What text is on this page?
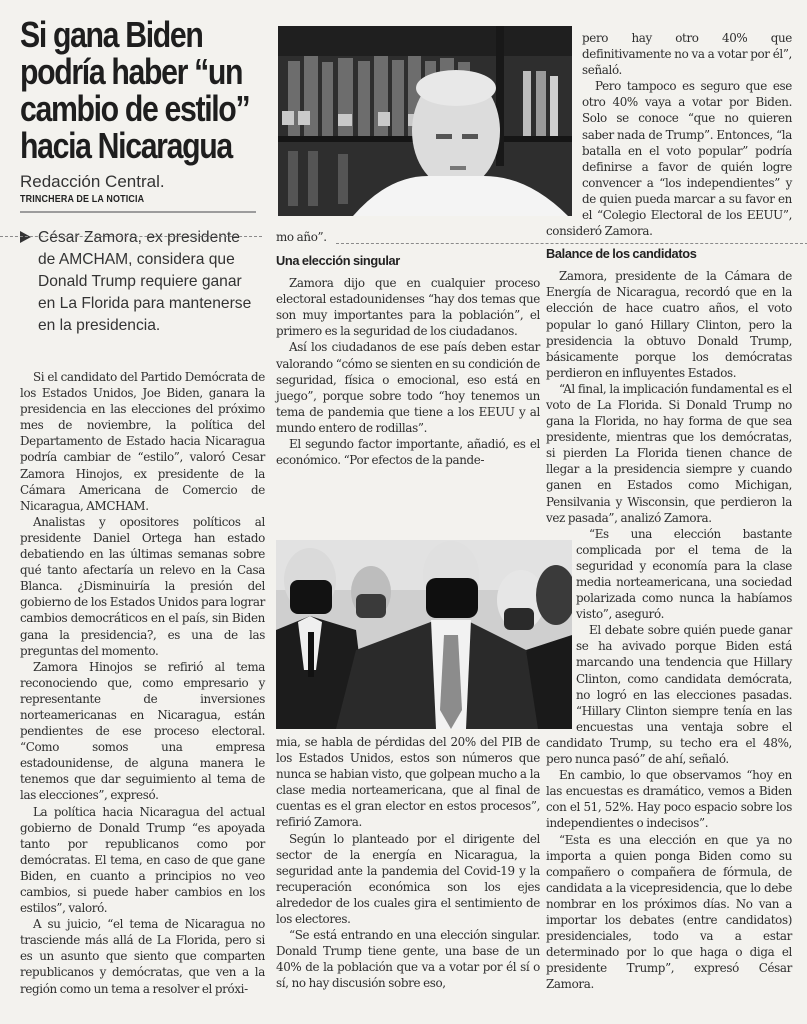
Si gana Biden podría haber “un cambio de estilo” hacia Nicaragua
Redacción Central.
TRINCHERA DE LA NOTICIA
César Zamora, ex presidente de AMCHAM, considera que Donald Trump requiere ganar en La Florida para mantenerse en la presidencia.

Si el candidato del Partido Demócrata de los Estados Unidos, Joe Biden, ganara la presidencia en las elecciones del próximo mes de noviembre, la política del Departamento de Estado hacia Nicaragua podría cambiar de “estilo”, valoró Cesar Zamora Hinojos, ex presidente de la Cámara Americana de Comercio de Nicaragua, AMCHAM.

Analistas y opositores políticos al presidente Daniel Ortega han estado debatiendo en las últimas semanas sobre qué tanto afectaría un relevo en la Casa Blanca. ¿Disminuiría la presión del gobierno de los Estados Unidos para lograr cambios democráticos en el país, sin Biden gana la presidencia?, es una de las preguntas del momento.

Zamora Hinojos se refirió al tema reconociendo que, como empresario y representante de inversiones norteamericanas en Nicaragua, están pendientes de ese proceso electoral. “Como somos una empresa estadounidense, de alguna manera le tenemos que dar seguimiento al tema de las elecciones”, expresó.

La política hacia Nicaragua del actual gobierno de Donald Trump “es apoyada tanto por republicanos como por demócratas. El tema, en caso de que gane Biden, en cuanto a principios no veo cambios, si puede haber cambios en los estilos”, valoró.

A su juicio, “el tema de Nicaragua no trasciende más allá de La Florida, pero si es un asunto que siento que comparten republicanos y demócratas, que ven a la región como un tema a resolver el próxi-

mo año”.

Una elección singular

Zamora dijo que en cualquier proceso electoral estadounidenses “hay dos temas que son muy importantes para la población”, el primero es la seguridad de los ciudadanos.

Así los ciudadanos de ese país deben estar valorando “cómo se sienten en su condición de seguridad, física o emocional, eso está en juego”, porque sobre todo “hoy tenemos un tema de pandemia que tiene a los EEUU y al mundo entero de rodillas”.

El segundo factor importante, añadió, es el económico. “Por efectos de la pande-

mia, se habla de pérdidas del 20% del PIB de los Estados Unidos, estos son números que nunca se habian visto, que golpean mucho a la clase media norteamericana, que al final de cuentas es el gran elector en estos procesos”, refirió Zamora.

Según lo planteado por el dirigente del sector de la energía en Nicaragua, la seguridad ante la pandemia del Covid-19 y la recuperación económica son los ejes alrededor de los cuales gira el sentimiento de los electores.

“Se está entrando en una elección singular. Donald Trump tiene gente, una base de un 40% de la población que va a votar por él sí o sí, no hay discusión sobre eso,

pero hay otro 40% que definitivamente no va a votar por él”, señaló.

Pero tampoco es seguro que ese otro 40% vaya a votar por Biden. Solo se conoce “que no quieren saber nada de Trump”. Entonces, “la batalla en el voto popular” podría definirse a favor de quién logre convencer a “los independientes” y de quien pueda marcar a su favor en el “Colegio Electoral de los EEUU”, consideró Zamora.

Balance de los candidatos

Zamora, presidente de la Cámara de Energía de Nicaragua, recordó que en la elección de hace cuatro años, el voto popular lo ganó Hillary Clinton, pero la presidencia la obtuvo Donald Trump, básicamente porque los demócratas perdieron en influyentes Estados.

“Al final, la implicación fundamental es el voto de La Florida. Si Donald Trump no gana la Florida, no hay forma de que sea presidente, mientras que los demócratas, si pierden La Florida tienen chance de llegar a la presidencia siempre y cuando ganen en Estados como Michigan, Pensilvania y Wisconsin, que perdieron la vez pasada”, analizó Zamora.

“Es una elección bastante complicada por el tema de la seguridad y economía para la clase media norteamericana, una sociedad polarizada como nunca la habíamos visto”, aseguró.

El debate sobre quién puede ganar se ha avivado porque Biden está marcando una tendencia que Hillary Clinton, como candidata demócrata, no logró en las elecciones pasadas. “Hillary Clinton siempre tenía en las encuestas una ventaja sobre el candidato Trump, su techo era el 48%, pero nunca pasó” de ahí, señaló.

En cambio, lo que observamos “hoy en las encuestas es dramático, vemos a Biden con el 51, 52%. Hay poco espacio sobre los independientes o indecisos”.

“Esta es una elección en que ya no importa a quien ponga Biden como su compañero o compañera de fórmula, de candidata a la vicepresidencia, que lo debe nombrar en los próximos días. No van a importar los debates (entre candidatos) presidenciales, todo va a estar determinado por lo que haga o diga el presidente Trump”, expresó César Zamora.
